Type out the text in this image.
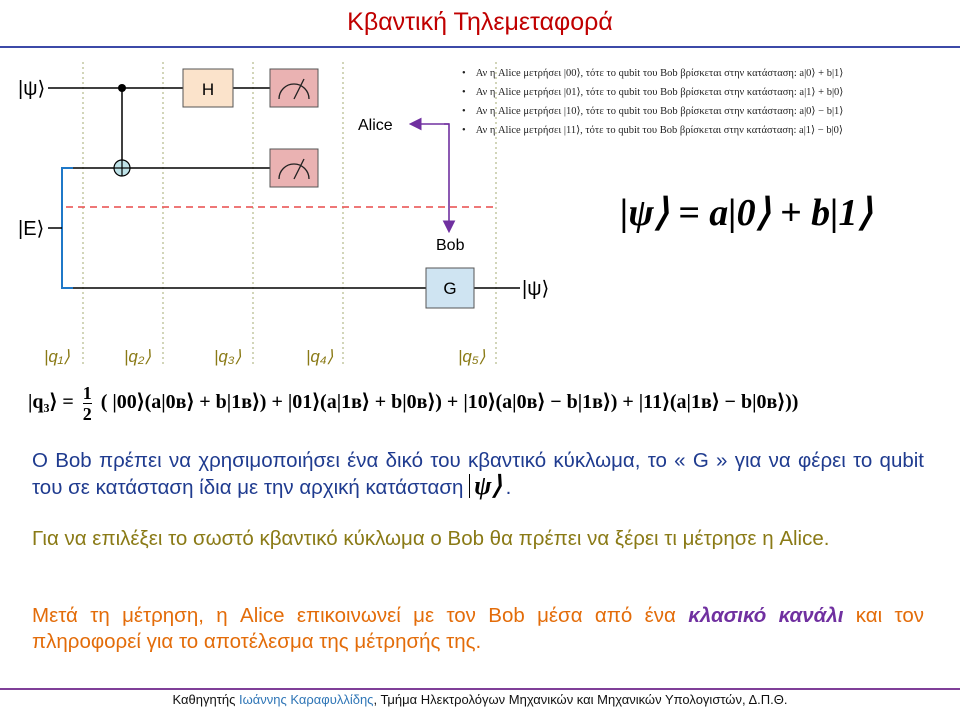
Κβαντική Τηλεμεταφορά
H
G
Alice
Bob
|ψ⟩
|E⟩
|ψ⟩
|q₁⟩	|q₂⟩	|q₃⟩	|q₄⟩	|q₅⟩
• Αν η Alice μετρήσει |00⟩, τότε το qubit του Bob βρίσκεται στην κατάσταση: a|0⟩ + b|1⟩
• Αν η Alice μετρήσει |01⟩, τότε το qubit του Bob βρίσκεται στην κατάσταση: a|1⟩ + b|0⟩
• Αν η Alice μετρήσει |10⟩, τότε το qubit του Bob βρίσκεται στην κατάσταση: a|0⟩ − b|1⟩
• Αν η Alice μετρήσει |11⟩, τότε το qubit του Bob βρίσκεται στην κατάσταση: a|1⟩ − b|0⟩
|ψ⟩ = a|0⟩ + b|1⟩
|q₃⟩ = $\frac{1}{2}$ ( |00⟩(a|0ʙ⟩ + b|1ʙ⟩) + |01⟩(a|1ʙ⟩ + b|0ʙ⟩) + |10⟩(a|0ʙ⟩ − b|1ʙ⟩) + |11⟩(a|1ʙ⟩ − b|0ʙ⟩))
Ο Bob πρέπει να χρησιμοποιήσει ένα δικό του κβαντικό κύκλωμα, το « G » για να φέρει το qubit του σε κατάσταση ίδια με την αρχική κατάσταση ψ⟩ .
Για να επιλέξει το σωστό κβαντικό κύκλωμα ο Bob θα πρέπει να ξέρει τι μέτρησε η Alice.
Μετά τη μέτρηση, η Alice επικοινωνεί με τον Bob μέσα από ένα κλασικό κανάλι και τον πληροφορεί για το αποτέλεσμα της μέτρησής της.
Καθηγητής Ιωάννης Καραφυλλίδης, Τμήμα Ηλεκτρολόγων Μηχανικών και Μηχανικών Υπολογιστών, Δ.Π.Θ.
